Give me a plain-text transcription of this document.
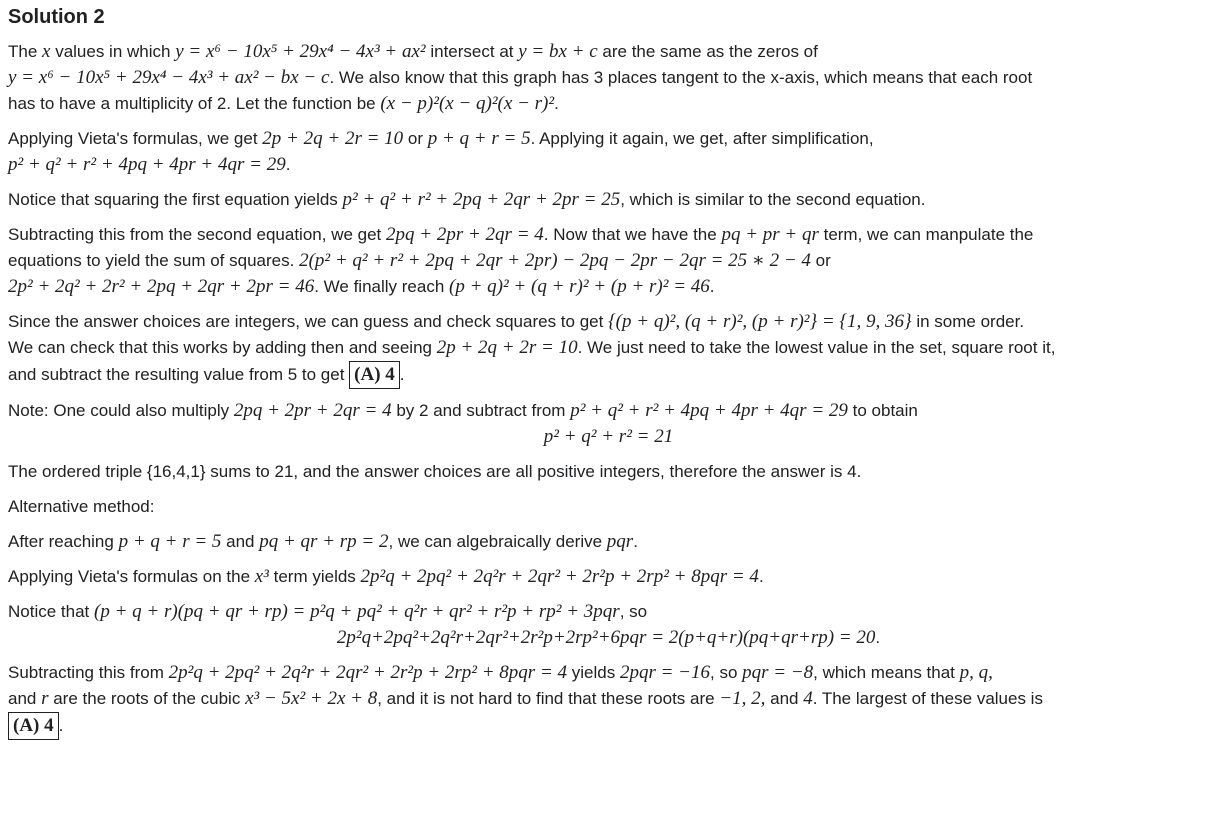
Solution 2
The x values in which y = x⁶ − 10x⁵ + 29x⁴ − 4x³ + ax² intersect at y = bx + c are the same as the zeros of
y = x⁶ − 10x⁵ + 29x⁴ − 4x³ + ax² − bx − c. We also know that this graph has 3 places tangent to the x-axis, which means that each root
has to have a multiplicity of 2. Let the function be (x − p)²(x − q)²(x − r)².
Applying Vieta's formulas, we get 2p + 2q + 2r = 10 or p + q + r = 5. Applying it again, we get, after simplification,
p² + q² + r² + 4pq + 4pr + 4qr = 29.
Notice that squaring the first equation yields p² + q² + r² + 2pq + 2qr + 2pr = 25, which is similar to the second equation.
Subtracting this from the second equation, we get 2pq + 2pr + 2qr = 4. Now that we have the pq + pr + qr term, we can manpulate the
equations to yield the sum of squares. 2(p² + q² + r² + 2pq + 2qr + 2pr) − 2pq − 2pr − 2qr = 25 ∗ 2 − 4 or
2p² + 2q² + 2r² + 2pq + 2qr + 2pr = 46. We finally reach (p + q)² + (q + r)² + (p + r)² = 46.
Since the answer choices are integers, we can guess and check squares to get {(p + q)², (q + r)², (p + r)²} = {1, 9, 36} in some order.
We can check that this works by adding then and seeing 2p + 2q + 2r = 10. We just need to take the lowest value in the set, square root it,
and subtract the resulting value from 5 to get (A) 4 .
Note: One could also multiply 2pq + 2pr + 2qr = 4 by 2 and subtract from p² + q² + r² + 4pq + 4pr + 4qr = 29 to obtain
p² + q² + r² = 21
The ordered triple {16,4,1} sums to 21, and the answer choices are all positive integers, therefore the answer is 4.
Alternative method:
After reaching p + q + r = 5 and pq + qr + rp = 2, we can algebraically derive pqr.
Applying Vieta's formulas on the x³ term yields 2p²q + 2pq² + 2q²r + 2qr² + 2r²p + 2rp² + 8pqr = 4.
Notice that (p + q + r)(pq + qr + rp) = p²q + pq² + q²r + qr² + r²p + rp² + 3pqr, so
2p²q+2pq²+2q²r+2qr²+2r²p+2rp²+6pqr = 2(p+q+r)(pq+qr+rp) = 20.
Subtracting this from 2p²q + 2pq² + 2q²r + 2qr² + 2r²p + 2rp² + 8pqr = 4 yields 2pqr = −16, so pqr = −8, which means that p, q,
and r are the roots of the cubic x³ − 5x² + 2x + 8, and it is not hard to find that these roots are −1, 2, and 4. The largest of these values is
(A) 4 .
